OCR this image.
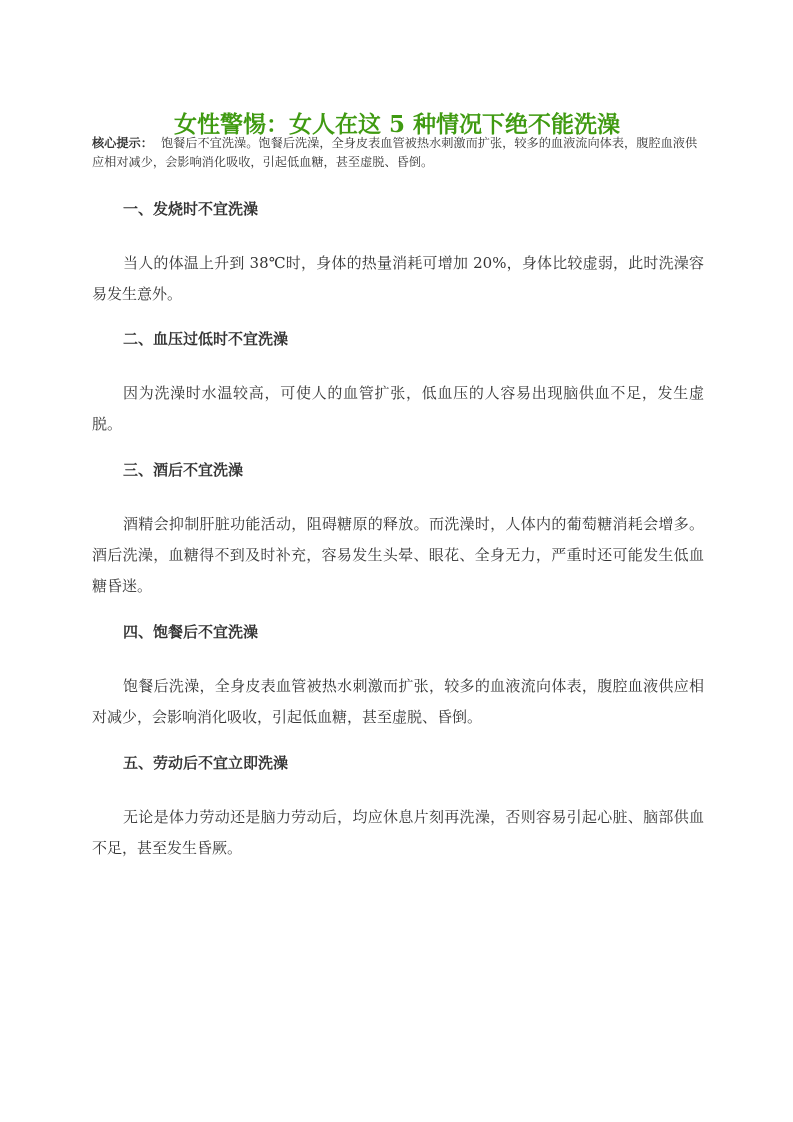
女性警惕：女人在这 5 种情况下绝不能洗澡
核心提示： 饱餐后不宜洗澡。饱餐后洗澡，全身皮表血管被热水刺激而扩张，较多的血液流向体表，腹腔血液供应相对减少，会影响消化吸收，引起低血糖，甚至虚脱、昏倒。
一、发烧时不宜洗澡
当人的体温上升到 38℃时，身体的热量消耗可增加 20%，身体比较虚弱，此时洗澡容易发生意外。
二、血压过低时不宜洗澡
因为洗澡时水温较高，可使人的血管扩张，低血压的人容易出现脑供血不足，发生虚脱。
三、酒后不宜洗澡
酒精会抑制肝脏功能活动，阻碍糖原的释放。而洗澡时，人体内的葡萄糖消耗会增多。酒后洗澡，血糖得不到及时补充，容易发生头晕、眼花、全身无力，严重时还可能发生低血糖昏迷。
四、饱餐后不宜洗澡
饱餐后洗澡，全身皮表血管被热水刺激而扩张，较多的血液流向体表，腹腔血液供应相对减少，会影响消化吸收，引起低血糖，甚至虚脱、昏倒。
五、劳动后不宜立即洗澡
无论是体力劳动还是脑力劳动后，均应休息片刻再洗澡，否则容易引起心脏、脑部供血不足，甚至发生昏厥。
